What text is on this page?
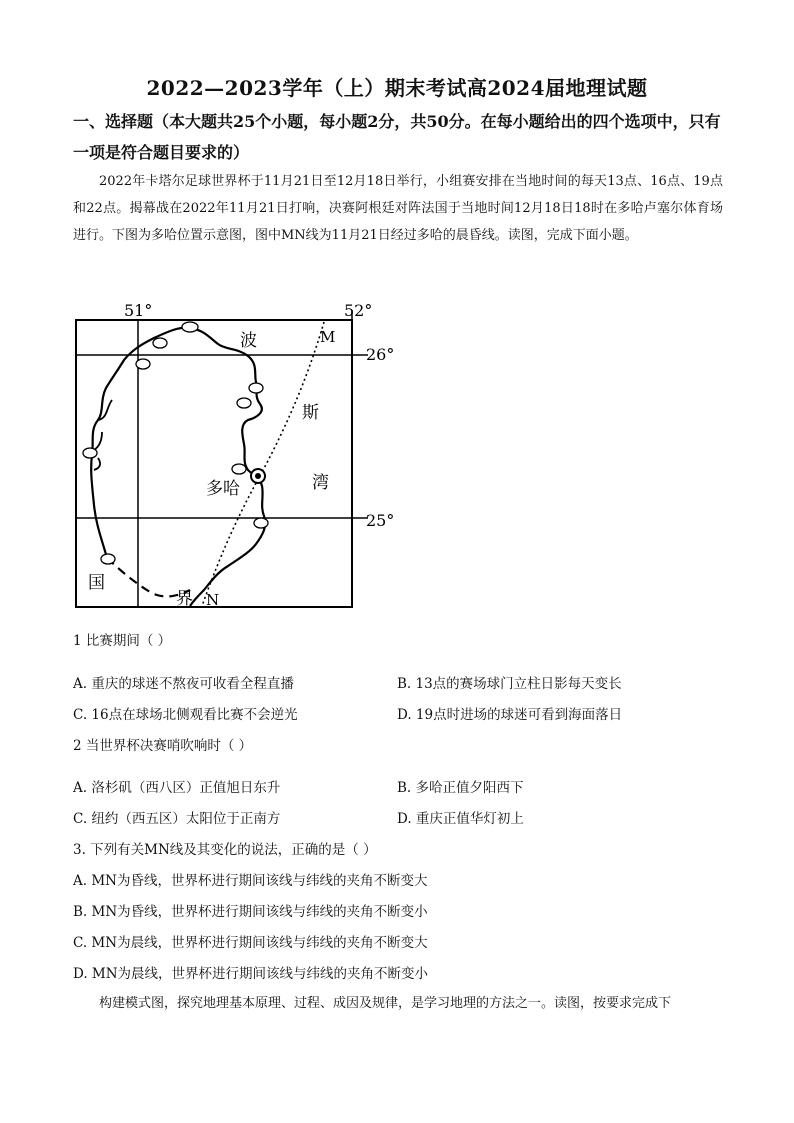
2022—2023学年（上）期末考试高2024届地理试题
一、选择题（本大题共25个小题，每小题2分，共50分。在每小题给出的四个选项中，只有一项是符合题目要求的）
2022年卡塔尔足球世界杯于11月21日至12月18日举行，小组赛安排在当地时间的每天13点、16点、19点和22点。揭幕战在2022年11月21日打响，决赛阿根廷对阵法国于当地时间12月18日18时在多哈卢塞尔体育场进行。下图为多哈位置示意图，图中MN线为11月21日经过多哈的晨昏线。读图，完成下面小题。
51°	52°
26°
25°
M
N
波
斯
湾
多哈
国
界
1 比赛期间（ ）
A. 重庆的球迷不熬夜可收看全程直播	B. 13点的赛场球门立柱日影每天变长
C. 16点在球场北侧观看比赛不会逆光	D. 19点时进场的球迷可看到海面落日
2 当世界杯决赛哨吹响时（ ）
A. 洛杉矶（西八区）正值旭日东升	B. 多哈正值夕阳西下
C. 纽约（西五区）太阳位于正南方	D. 重庆正值华灯初上
3. 下列有关MN线及其变化的说法，正确的是（ ）
A. MN为昏线，世界杯进行期间该线与纬线的夹角不断变大
B. MN为昏线，世界杯进行期间该线与纬线的夹角不断变小
C. MN为晨线，世界杯进行期间该线与纬线的夹角不断变大
D. MN为晨线，世界杯进行期间该线与纬线的夹角不断变小
构建模式图，探究地理基本原理、过程、成因及规律，是学习地理的方法之一。读图，按要求完成下
